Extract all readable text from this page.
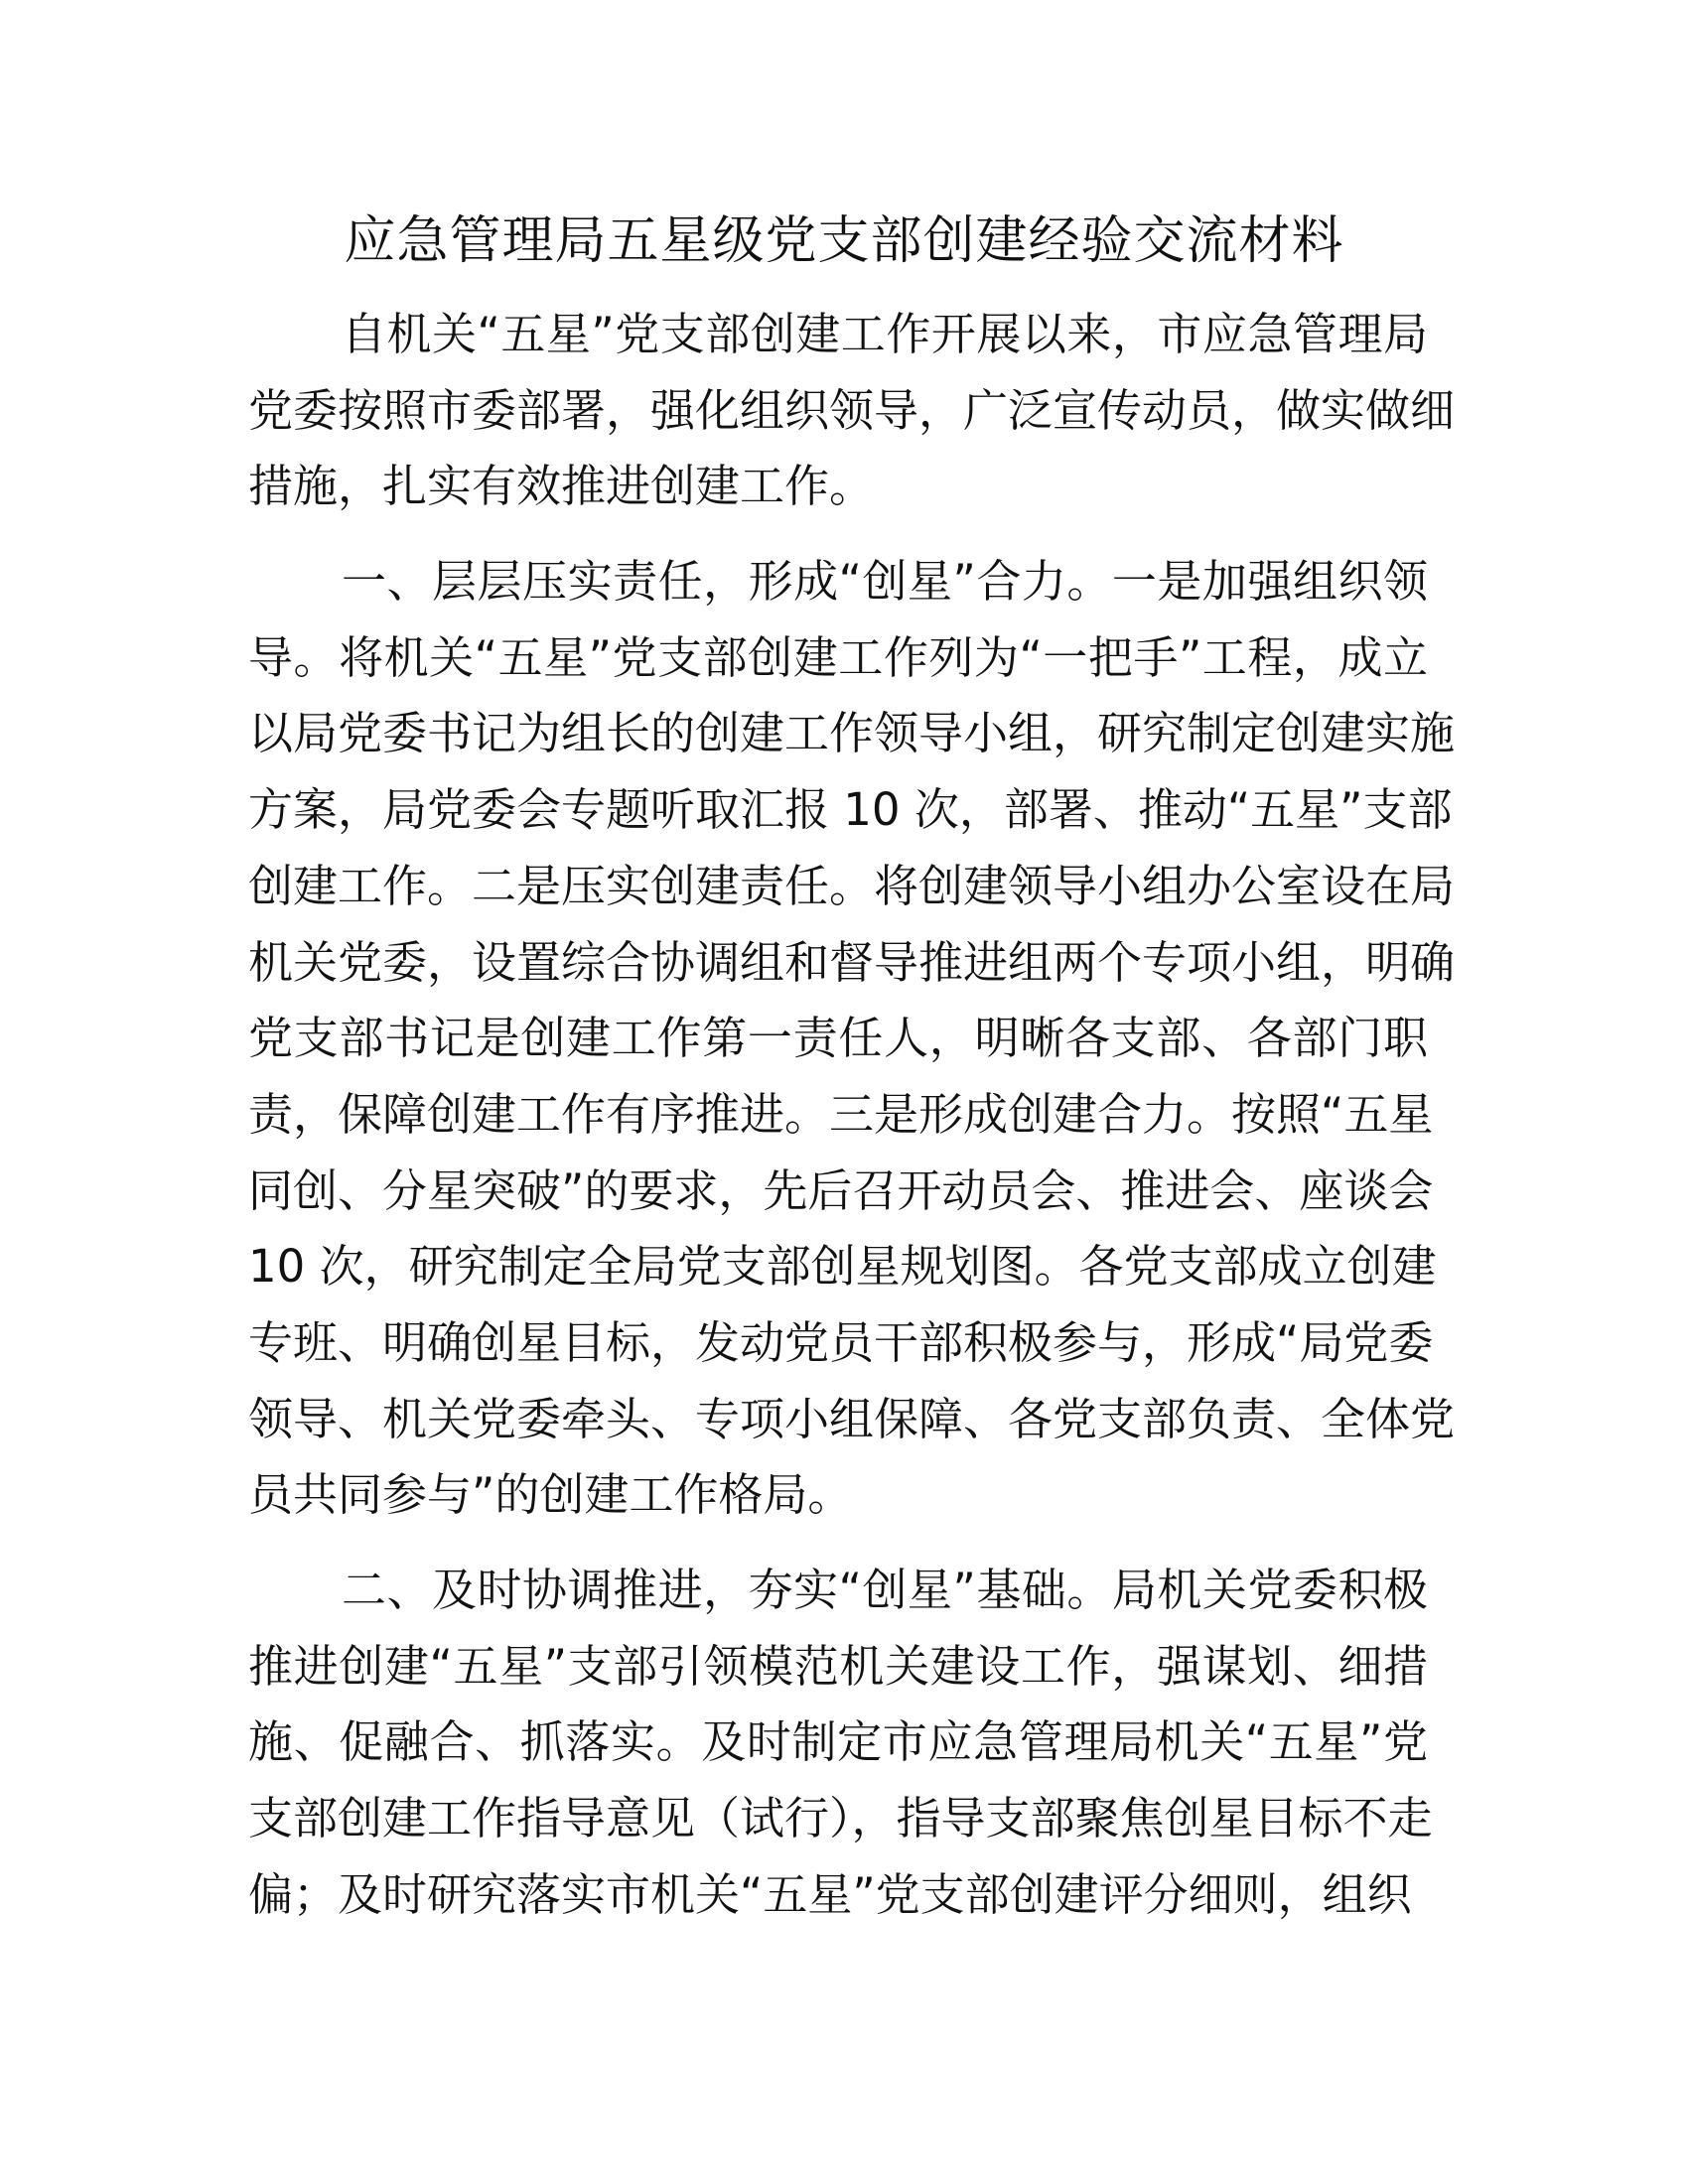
应急管理局五星级党支部创建经验交流材料
自机关“五星”党支部创建工作开展以来，市应急管理局
党委按照市委部署，强化组织领导，广泛宣传动员，做实做细
措施，扎实有效推进创建工作。
一、层层压实责任，形成“创星”合力。一是加强组织领
导。将机关“五星”党支部创建工作列为“一把手”工程，成立
以局党委书记为组长的创建工作领导小组，研究制定创建实施
方案，局党委会专题听取汇报 10 次，部署、推动“五星”支部
创建工作。二是压实创建责任。将创建领导小组办公室设在局
机关党委，设置综合协调组和督导推进组两个专项小组，明确
党支部书记是创建工作第一责任人，明晰各支部、各部门职
责，保障创建工作有序推进。三是形成创建合力。按照“五星
同创、分星突破”的要求，先后召开动员会、推进会、座谈会
10 次，研究制定全局党支部创星规划图。各党支部成立创建
专班、明确创星目标，发动党员干部积极参与，形成“局党委
领导、机关党委牵头、专项小组保障、各党支部负责、全体党
员共同参与”的创建工作格局。
二、及时协调推进，夯实“创星”基础。局机关党委积极
推进创建“五星”支部引领模范机关建设工作，强谋划、细措
施、促融合、抓落实。及时制定市应急管理局机关“五星”党
支部创建工作指导意见（试行），指导支部聚焦创星目标不走
偏；及时研究落实市机关“五星”党支部创建评分细则，组织
